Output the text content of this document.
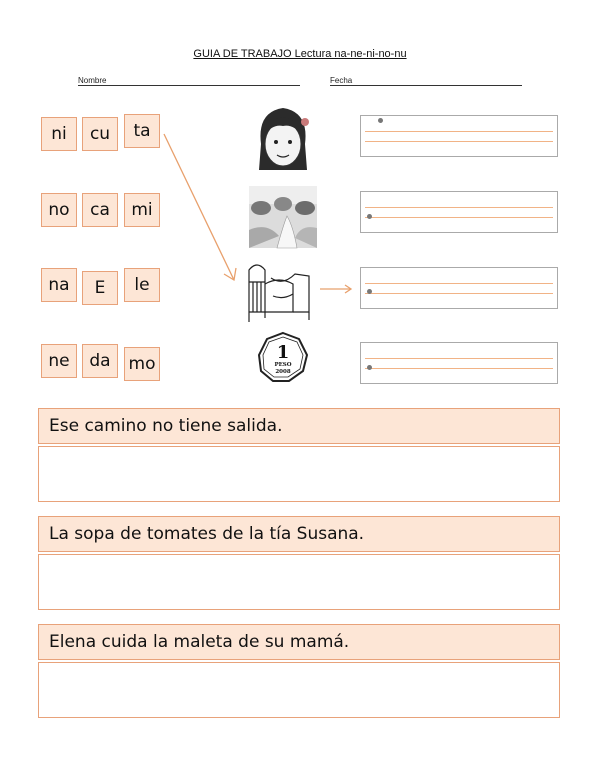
GUIA DE TRABAJO Lectura na-ne-ni-no-nu
Nombre	Fecha
ni	cu	ta
no	ca	mi
na	E	le
ne	da	mo
1
PESO
2008
Ese camino no tiene salida.
La sopa de tomates de la tía Susana.
Elena cuida la maleta de su mamá.
